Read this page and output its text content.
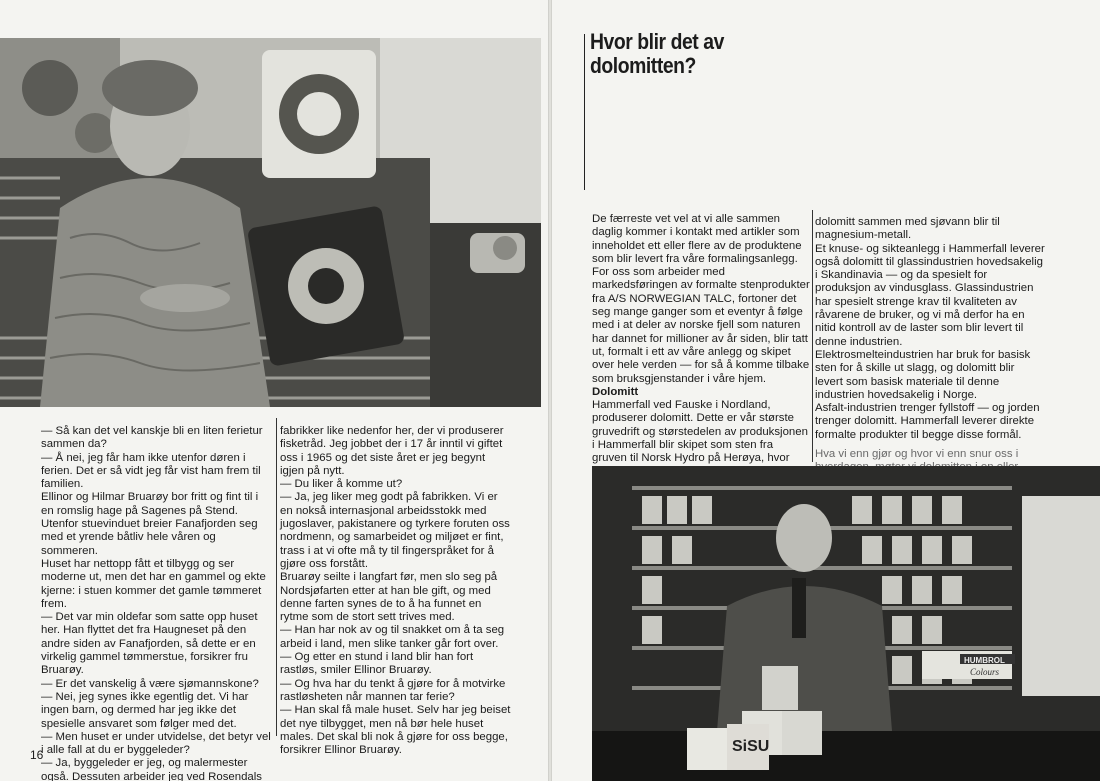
— Så kan det vel kanskje bli en liten ferietur sammen da?

— Å nei, jeg får ham ikke utenfor døren i ferien. Det er så vidt jeg får vist ham frem til familien.

Ellinor og Hilmar Bruarøy bor fritt og fint til i en romslig hage på Sagenes på Stend. Utenfor stuevinduet breier Fanafjorden seg med et yrende båtliv hele våren og sommeren.

Huset har nettopp fått et tilbygg og ser moderne ut, men det har en gammel og ekte kjerne: i stuen kommer det gamle tømmeret frem.

— Det var min oldefar som satte opp huset her. Han flyttet det fra Haugneset på den andre siden av Fanafjorden, så dette er en virkelig gammel tømmerstue, forsikrer fru Bruarøy.

— Er det vanskelig å være sjømannskone?

— Nei, jeg synes ikke egentlig det. Vi har ingen barn, og dermed har jeg ikke det spesielle ansvaret som følger med det.

— Men huset er under utvidelse, det betyr vel i alle fall at du er byggeleder?

— Ja, byggeleder er jeg, og malermester også. Dessuten arbeider jeg ved Rosendals

fabrikker like nedenfor her, der vi produserer fisketråd. Jeg jobbet der i 17 år inntil vi giftet oss i 1965 og det siste året er jeg begynt igjen på nytt.

— Du liker å komme ut?

— Ja, jeg liker meg godt på fabrikken. Vi er en nokså internasjonal arbeidsstokk med jugoslaver, pakistanere og tyrkere foruten oss nordmenn, og samarbeidet og miljøet er fint, trass i at vi ofte må ty til fingerspråket for å gjøre oss forstått.

Bruarøy seilte i langfart før, men slo seg på Nordsjøfarten etter at han ble gift, og med denne farten synes de to å ha funnet en rytme som de stort sett trives med.

— Han har nok av og til snakket om å ta seg arbeid i land, men slike tanker går fort over.

— Og etter en stund i land blir han fort rastløs, smiler Ellinor Bruarøy.

— Og hva har du tenkt å gjøre for å motvirke rastløsheten når mannen tar ferie?

— Han skal få male huset. Selv har jeg beiset det nye tilbygget, men nå bør hele huset males. Det skal bli nok å gjøre for oss begge, forsikrer Ellinor Bruarøy.

16
Hvor blir det av dolomitten?

De færreste vet vel at vi alle sammen daglig kommer i kontakt med artikler som inneholdet ett eller flere av de produktene som blir levert fra våre formalingsanlegg.

For oss som arbeider med markedsføringen av formalte stenprodukter fra A/S NORWEGIAN TALC, fortoner det seg mange ganger som et eventyr å følge med i at deler av norske fjell som naturen har dannet for millioner av år siden, blir tatt ut, formalt i ett av våre anlegg og skipet over hele verden — for så å komme tilbake som bruksgjenstander i våre hjem.

Dolomitt

Hammerfall ved Fauske i Nordland, produserer dolomitt. Dette er vår største gruvedrift og størstedelen av produksjonen i Hammerfall blir skipet som sten fra gruven til Norsk Hydro på Herøya, hvor

dolomitt sammen med sjøvann blir til magnesium-metall.

Et knuse- og sikteanlegg i Hammerfall leverer også dolomitt til glassindustrien hovedsakelig i Skandinavia — og da spesielt for produksjon av vindusglass. Glassindustrien har spesielt strenge krav til kvaliteten av råvarene de bruker, og vi må derfor ha en nitid kontroll av de laster som blir levert til denne industrien.

Elektrosmelteindustrien har bruk for basisk sten for å skille ut slagg, og dolomitt blir levert som basisk materiale til denne industrien hovedsakelig i Norge.

Asfalt-industrien trenger fyllstoff — og jorden trenger dolomitt. Hammerfall leverer direkte formalte produkter til begge disse formål.

Hva vi enn gjør og hvor vi enn snur oss i

SiSU
HUMBROL
Colours
